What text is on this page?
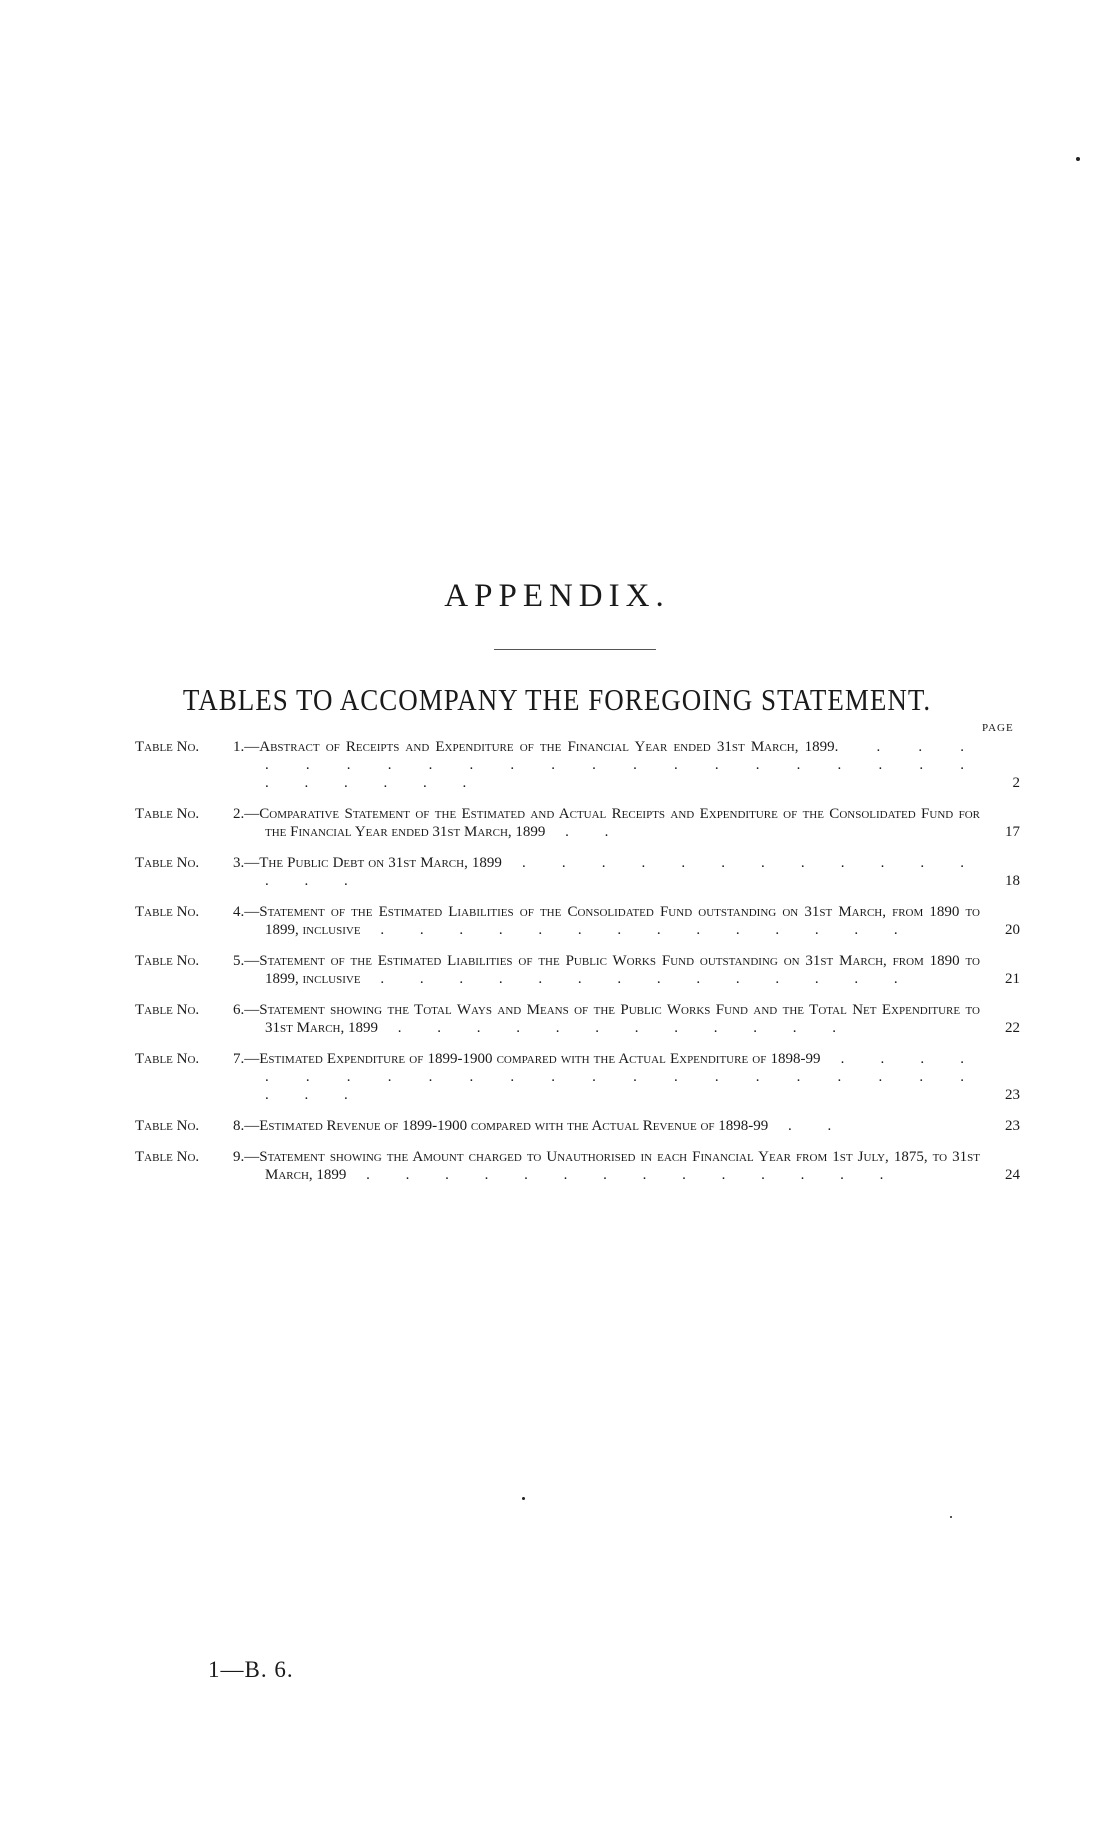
APPENDIX.
TABLES TO ACCOMPANY THE FOREGOING STATEMENT.
PAGE
Table No. 1.—Abstract of Receipts and Expenditure of the Financial Year ended 31st March, 1899. . . . . . . . . . . . . . . . . . . . . . . . . . . .	2
Table No. 2.—Comparative Statement of the Estimated and Actual Receipts and Expenditure of the Consolidated Fund for the Financial Year ended 31st March, 1899 . .	17
Table No. 3.—The Public Debt on 31st March, 1899 . . . . . . . . . . . . . . .	18
Table No. 4.—Statement of the Estimated Liabilities of the Consolidated Fund outstanding on 31st March, from 1890 to 1899, inclusive . . . . . . . . . . . . . .	20
Table No. 5.—Statement of the Estimated Liabilities of the Public Works Fund outstanding on 31st March, from 1890 to 1899, inclusive . . . . . . . . . . . . . .	21
Table No. 6.—Statement showing the Total Ways and Means of the Public Works Fund and the Total Net Expenditure to 31st March, 1899 . . . . . . . . . . . .	22
Table No. 7.—Estimated Expenditure of 1899-1900 compared with the Actual Expenditure of 1898-99 . . . . . . . . . . . . . . . . . . . . . . . . .	23
Table No. 8.—Estimated Revenue of 1899-1900 compared with the Actual Revenue of 1898-99 . .	23
Table No. 9.—Statement showing the Amount charged to Unauthorised in each Financial Year from 1st July, 1875, to 31st March, 1899 . . . . . . . . . . . . . .	24
1—B. 6.
